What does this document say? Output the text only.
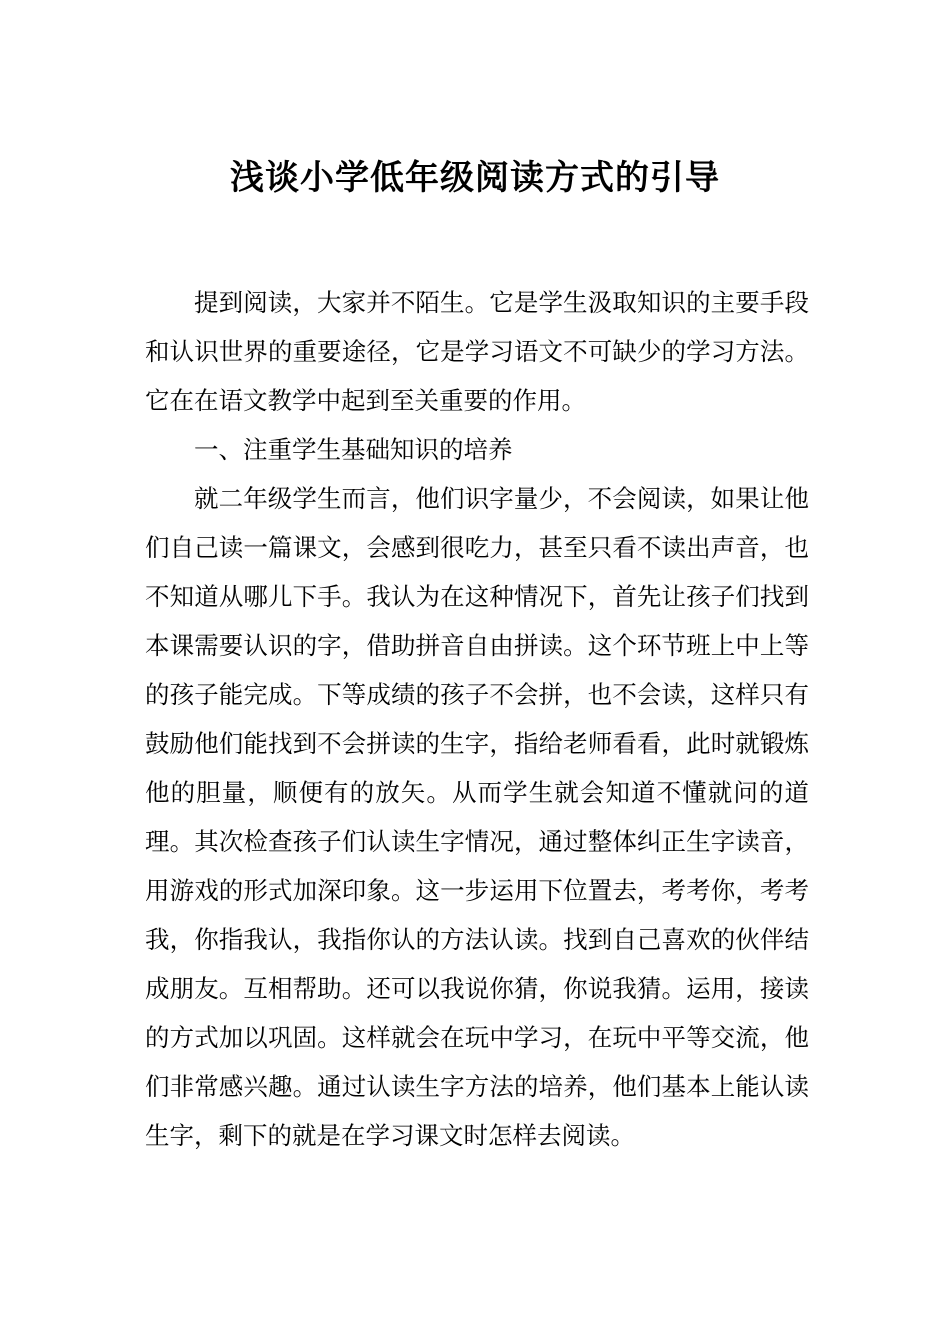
浅谈小学低年级阅读方式的引导

提到阅读，大家并不陌生。它是学生汲取知识的主要手段和认识世界的重要途径，它是学习语文不可缺少的学习方法。它在在语文教学中起到至关重要的作用。

一、注重学生基础知识的培养

就二年级学生而言，他们识字量少，不会阅读，如果让他们自己读一篇课文，会感到很吃力，甚至只看不读出声音，也不知道从哪儿下手。我认为在这种情况下，首先让孩子们找到本课需要认识的字，借助拼音自由拼读。这个环节班上中上等的孩子能完成。下等成绩的孩子不会拼，也不会读，这样只有鼓励他们能找到不会拼读的生字，指给老师看看，此时就锻炼他的胆量，顺便有的放矢。从而学生就会知道不懂就问的道理。其次检查孩子们认读生字情况，通过整体纠正生字读音，用游戏的形式加深印象。这一步运用下位置去，考考你，考考我，你指我认，我指你认的方法认读。找到自己喜欢的伙伴结成朋友。互相帮助。还可以我说你猜，你说我猜。运用，接读的方式加以巩固。这样就会在玩中学习，在玩中平等交流，他们非常感兴趣。通过认读生字方法的培养，他们基本上能认读生字，剩下的就是在学习课文时怎样去阅读。
